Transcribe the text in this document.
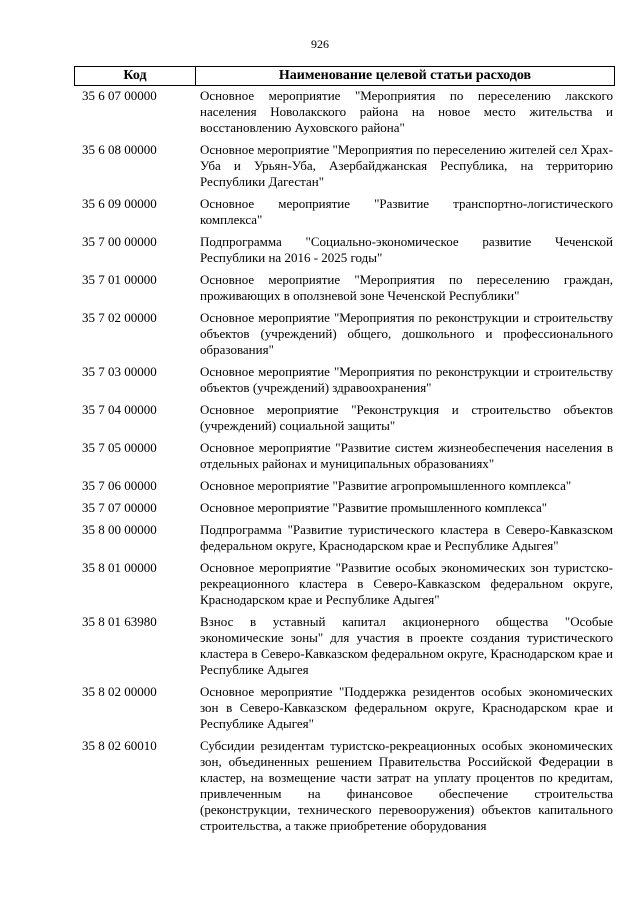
926
Код	Наименование целевой статьи расходов
35 6 07 00000	Основное мероприятие "Мероприятия по переселению лакского населения Новолакского района на новое место жительства и восстановлению Ауховского района"
35 6 08 00000	Основное мероприятие "Мероприятия по переселению жителей сел Храх-Уба и Урьян-Уба, Азербайджанская Республика, на территорию Республики Дагестан"
35 6 09 00000	Основное мероприятие "Развитие транспортно-логистического комплекса"
35 7 00 00000	Подпрограмма "Социально-экономическое развитие Чеченской Республики на 2016 - 2025 годы"
35 7 01 00000	Основное мероприятие "Мероприятия по переселению граждан, проживающих в оползневой зоне Чеченской Республики"
35 7 02 00000	Основное мероприятие "Мероприятия по реконструкции и строительству объектов (учреждений) общего, дошкольного и профессионального образования"
35 7 03 00000	Основное мероприятие "Мероприятия по реконструкции и строительству объектов (учреждений) здравоохранения"
35 7 04 00000	Основное мероприятие "Реконструкция и строительство объектов (учреждений) социальной защиты"
35 7 05 00000	Основное мероприятие "Развитие систем жизнеобеспечения населения в отдельных районах и муниципальных образованиях"
35 7 06 00000	Основное мероприятие "Развитие агропромышленного комплекса"
35 7 07 00000	Основное мероприятие "Развитие промышленного комплекса"
35 8 00 00000	Подпрограмма "Развитие туристического кластера в Северо-Кавказском федеральном округе, Краснодарском крае и Республике Адыгея"
35 8 01 00000	Основное мероприятие "Развитие особых экономических зон туристско-рекреационного кластера в Северо-Кавказском федеральном округе, Краснодарском крае и Республике Адыгея"
35 8 01 63980	Взнос в уставный капитал акционерного общества "Особые экономические зоны" для участия в проекте создания туристического кластера в Северо-Кавказском федеральном округе, Краснодарском крае и Республике Адыгея
35 8 02 00000	Основное мероприятие "Поддержка резидентов особых экономических зон в Северо-Кавказском федеральном округе, Краснодарском крае и Республике Адыгея"
35 8 02 60010	Субсидии резидентам туристско-рекреационных особых экономических зон, объединенных решением Правительства Российской Федерации в кластер, на возмещение части затрат на уплату процентов по кредитам, привлеченным на финансовое обеспечение строительства (реконструкции, технического перевооружения) объектов капитального строительства, а также приобретение оборудования
